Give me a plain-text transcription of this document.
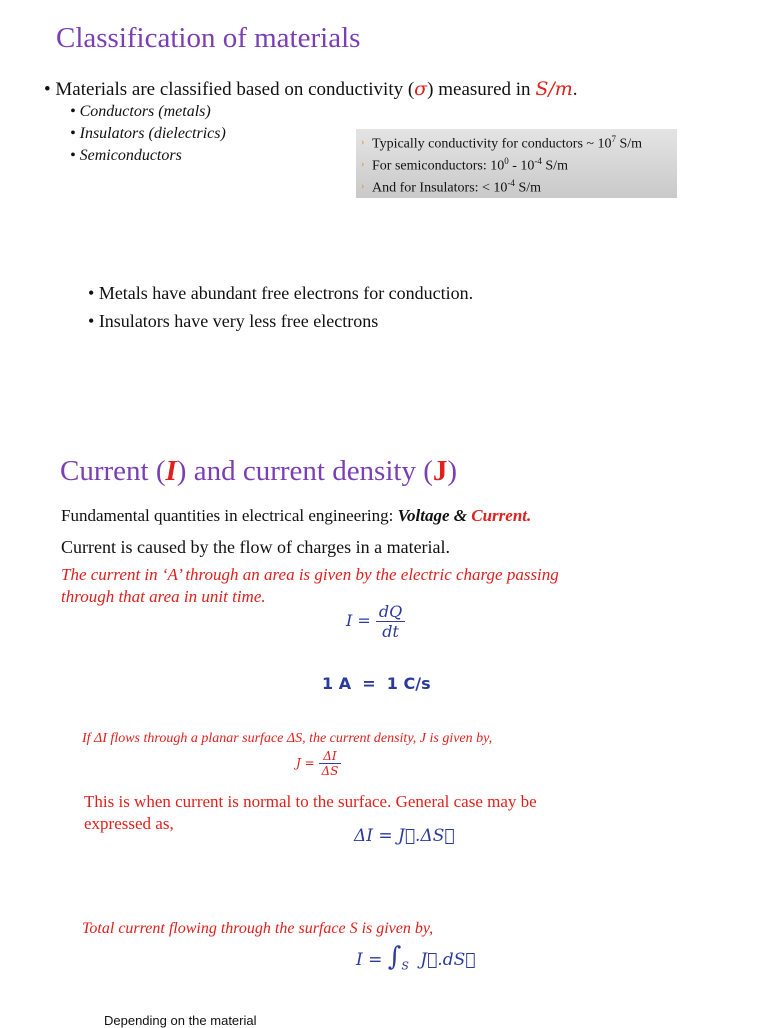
Classification of materials
• Materials are classified based on conductivity (σ) measured in S/m.
• Conductors (metals)
• Insulators (dielectrics)
• Semiconductors
› Typically conductivity for conductors ~ $10^7$ S/m
› For semiconductors: $10^0 - 10^{-4}$ S/m
› And for Insulators: < $10^{-4}$ S/m
• Metals have abundant free electrons for conduction.
• Insulators have very less free electrons
Current (I) and current density (J)
Fundamental quantities in electrical engineering: Voltage & Current.
Current is caused by the flow of charges in a material.
The current in ‘A’ through an area is given by the electric charge passing
through that area in unit time.
$I = \frac{dQ}{dt}$
1 A  =  1 C/s
If ΔI flows through a planar surface ΔS, the current density, J is given by,
$J = \frac{\Delta I}{\Delta S}$
This is when current is normal to the surface. General case may be
expressed as,
ΔI = J⃗.ΔS⃗
Total current flowing through the surface S is given by,
$I = \int_S$ J⃗.dS⃗
Depending on the material
